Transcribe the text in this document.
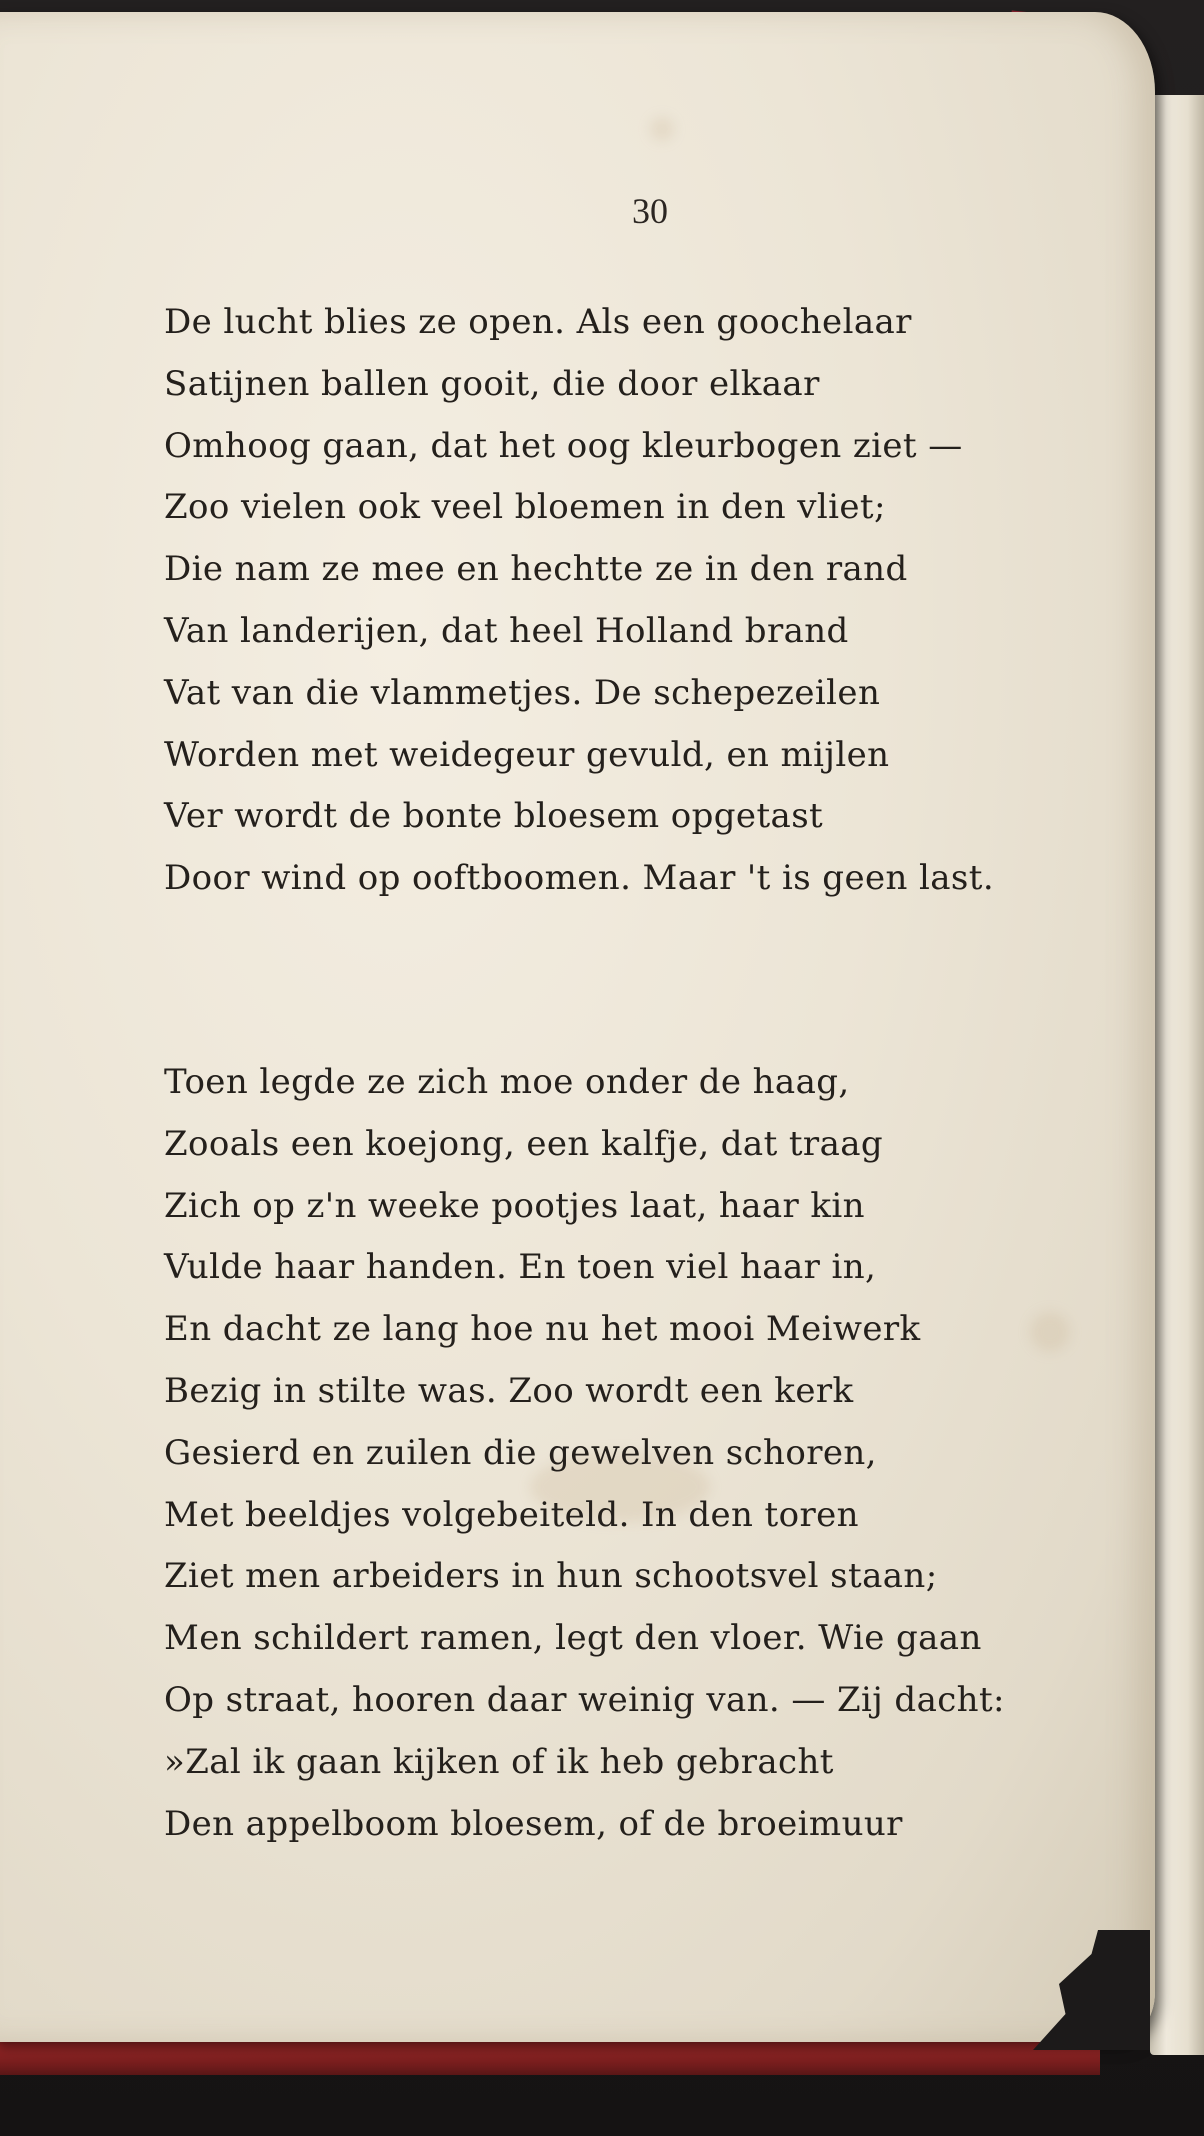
30
De lucht blies ze open. Als een goochelaar
Satijnen ballen gooit, die door elkaar
Omhoog gaan, dat het oog kleurbogen ziet —
Zoo vielen ook veel bloemen in den vliet;
Die nam ze mee en hechtte ze in den rand
Van landerijen, dat heel Holland brand
Vat van die vlammetjes. De schepezeilen
Worden met weidegeur gevuld, en mijlen
Ver wordt de bonte bloesem opgetast
Door wind op ooftboomen. Maar 't is geen last.
Toen legde ze zich moe onder de haag,
Zooals een koejong, een kalfje, dat traag
Zich op z'n weeke pootjes laat, haar kin
Vulde haar handen. En toen viel haar in,
En dacht ze lang hoe nu het mooi Meiwerk
Bezig in stilte was. Zoo wordt een kerk
Gesierd en zuilen die gewelven schoren,
Met beeldjes volgebeiteld. In den toren
Ziet men arbeiders in hun schootsvel staan;
Men schildert ramen, legt den vloer. Wie gaan
Op straat, hooren daar weinig van. — Zij dacht:
»Zal ik gaan kijken of ik heb gebracht
Den appelboom bloesem, of de broeimuur
